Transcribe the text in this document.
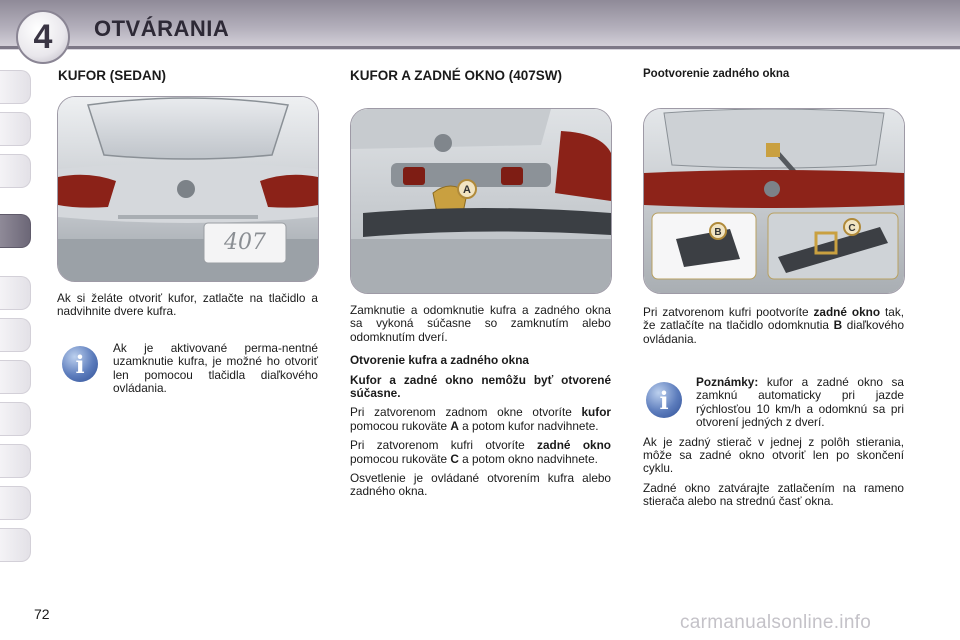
4	OTVÁRANIA
KUFOR (SEDAN)
407

Ak si želáte otvoriť kufor, zatlačte na tlačidlo a nadvihnite dvere kufra.

i

Ak je aktivované perma-nentné uzamknutie kufra, je možné ho otvoriť len pomocou tlačidla diaľkového ovládania.

KUFOR A ZADNÉ OKNO (407SW)
A

Zamknutie a odomknutie kufra a zadného okna sa vykoná súčasne so zamknutím alebo odomknutím dverí.

Otvorenie kufra a zadného okna

Kufor a zadné okno nemôžu byť otvorené súčasne.

Pri zatvorenom zadnom okne otvoríte kufor pomocou rukoväte A a potom kufor nadvihnete.

Pri zatvorenom kufri otvoríte zadné okno pomocou rukoväte C a potom okno nadvihnete.

Osvetlenie je ovládané otvorením kufra alebo zadného okna.

Pootvorenie zadného okna
B	C

Pri zatvorenom kufri pootvoríte zadné okno tak, že zatlačíte na tlačidlo odomknutia B diaľkového ovládania.

i

Poznámky: kufor a zadné okno sa zamknú automaticky pri jazde rýchlosťou 10 km/h a odomknú sa pri otvorení jedných z dverí.

Ak je zadný stierač v jednej z polôh stierania, môže sa zadné okno otvoriť len po skončení cyklu.

Zadné okno zatvárajte zatlačením na rameno stierača alebo na strednú časť okna.

72	carmanualsonline.info
